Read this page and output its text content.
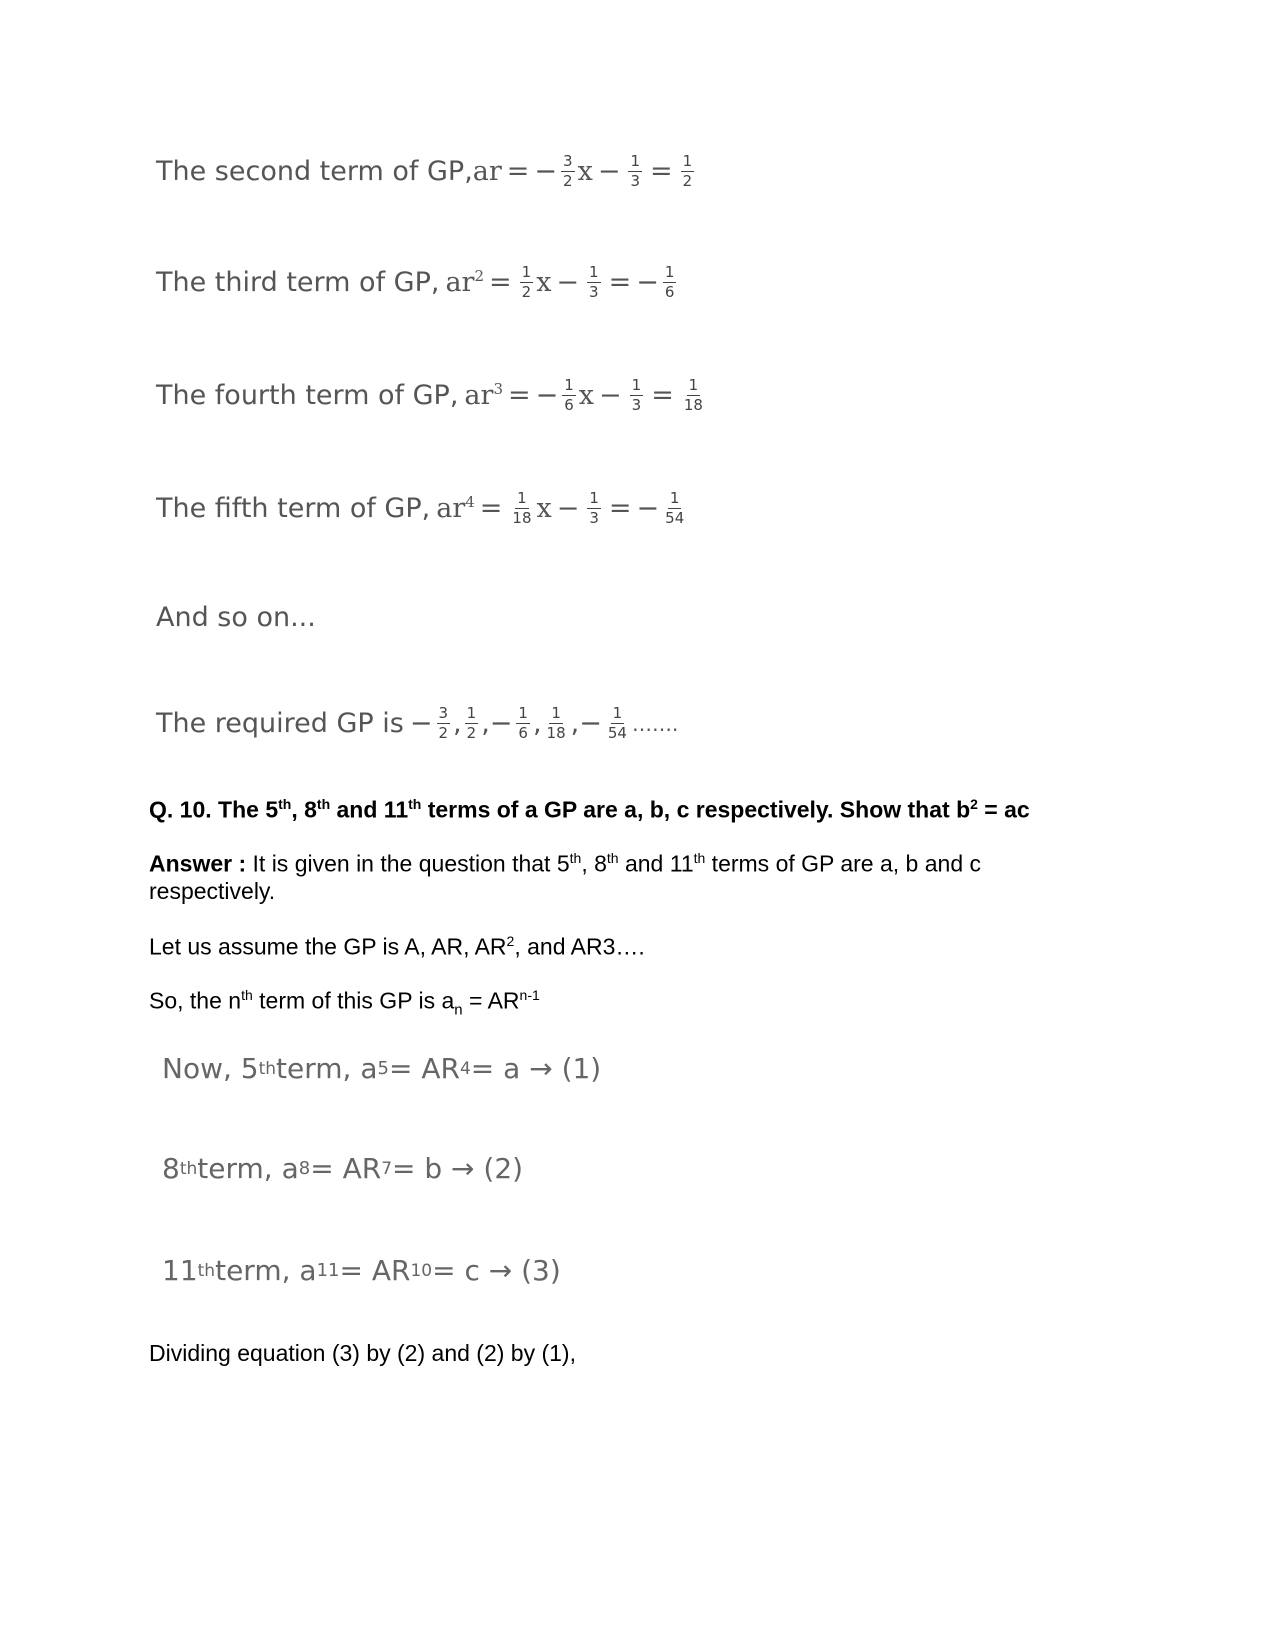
The second term of GP, ar = − $\frac{3}{2}$ $x - \frac{1}{3} = \frac{1}{2}$
The third term of GP, $ar^2 = \frac{1}{2}$ $x - \frac{1}{3}$ = − $\frac{1}{6}$
The fourth term of GP, $ar^3$ = − $\frac{1}{6}$ $x - \frac{1}{3} = \frac{1}{18}$
The fifth term of GP, $ar^4 = \frac{1}{18}$ $x - \frac{1}{3}$ = − $\frac{1}{54}$
And so on...
The required GP is − $\frac{3}{2}$ , $\frac{1}{2}$ , − $\frac{1}{6}$ , $\frac{1}{18}$ , − $\frac{1}{54}$ …….
Q. 10. The 5th, 8th and 11th terms of a GP are a, b, c respectively. Show that $b^2$ = ac
Answer : It is given in the question that 5th, 8th and 11th terms of GP are a, b and c
respectively.
Let us assume the GP is A, AR, $AR^2$, and AR3….
So, the $n^{th}$ term of this GP is $a_n = AR^{n-1}$
Now, 5 th term, a 5 = AR 4 = a → (1)
8 th term, a 8 = AR 7 = b → (2)
11 th term, a 11 = AR 10 = c → (3)
Dividing equation (3) by (2) and (2) by (1),
